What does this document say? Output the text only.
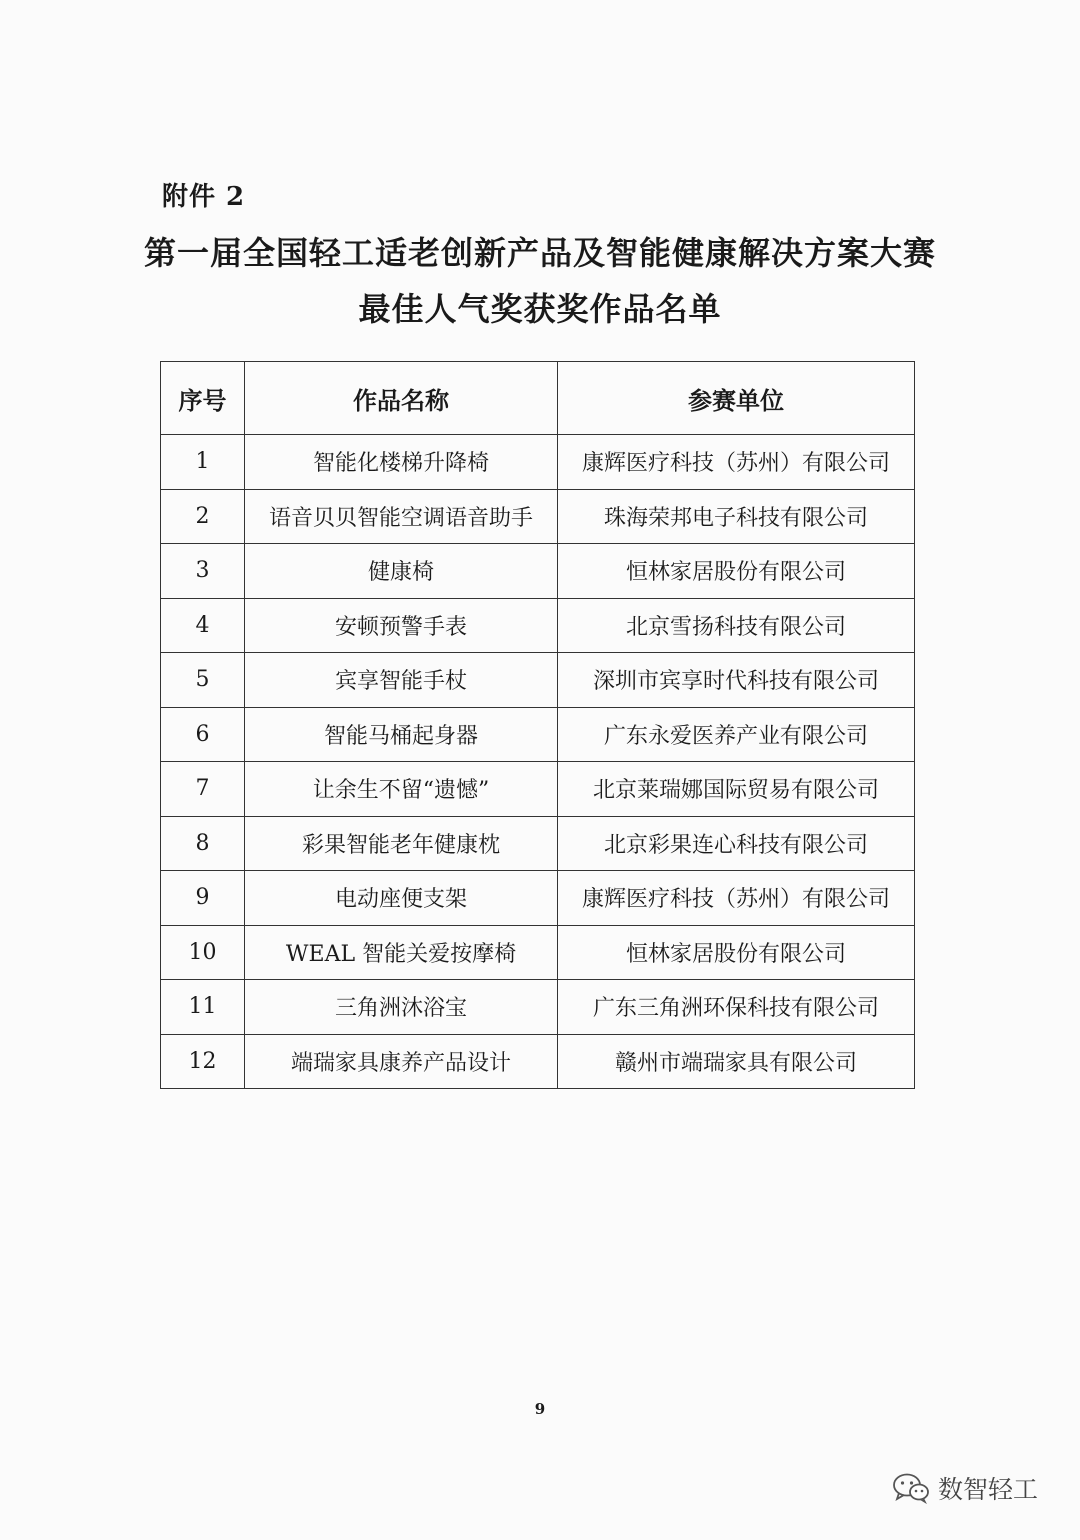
附件 2
第一届全国轻工适老创新产品及智能健康解决方案大赛
最佳人气奖获奖作品名单
序号	作品名称	参赛单位
1	智能化楼梯升降椅	康辉医疗科技（苏州）有限公司
2	语音贝贝智能空调语音助手	珠海荣邦电子科技有限公司
3	健康椅	恒林家居股份有限公司
4	安顿预警手表	北京雪扬科技有限公司
5	宾享智能手杖	深圳市宾享时代科技有限公司
6	智能马桶起身器	广东永爱医养产业有限公司
7	让余生不留“遗憾”	北京莱瑞娜国际贸易有限公司
8	彩果智能老年健康枕	北京彩果连心科技有限公司
9	电动座便支架	康辉医疗科技（苏州）有限公司
10	WEAL 智能关爱按摩椅	恒林家居股份有限公司
11	三角洲沐浴宝	广东三角洲环保科技有限公司
12	端瑞家具康养产品设计	赣州市端瑞家具有限公司
9
数智轻工
